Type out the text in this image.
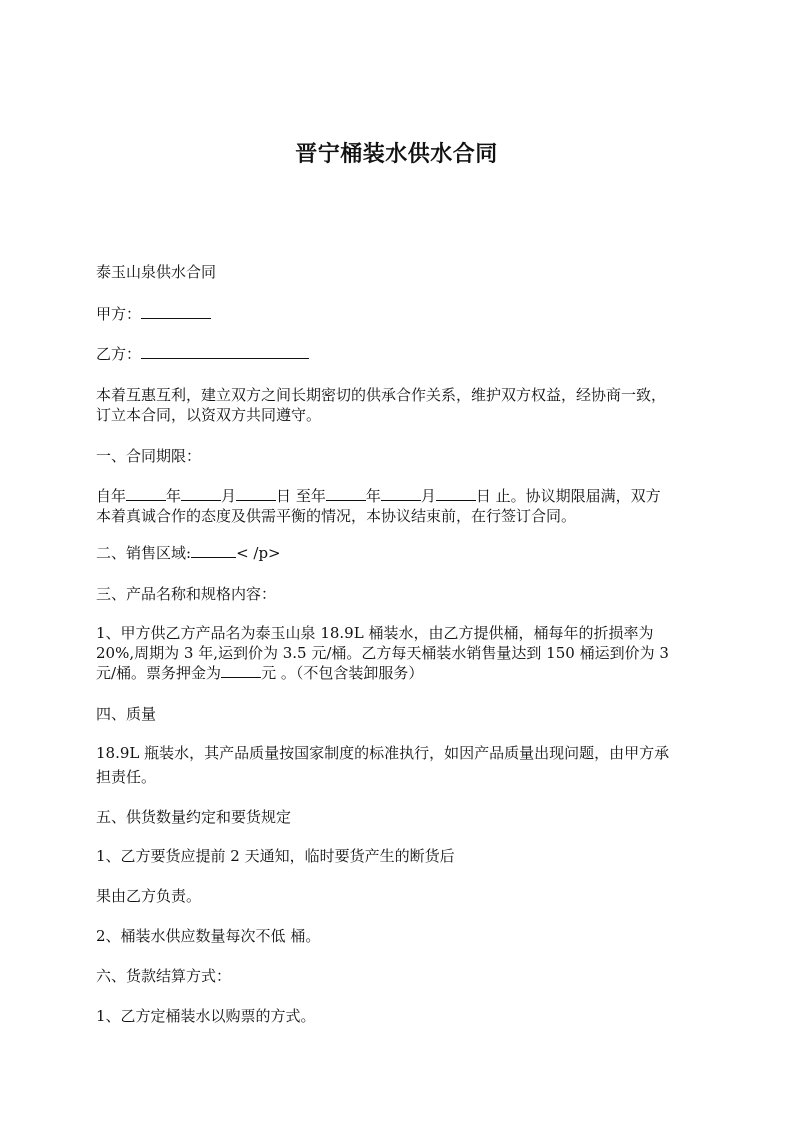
晋宁桶装水供水合同
泰玉山泉供水合同
甲方：
乙方：
本着互惠互利，建立双方之间长期密切的供承合作关系，维护双方权益，经协商一致，
订立本合同，以资双方共同遵守。
一、合同期限：
自年	年	月	日 至年	年	月	日 止。协议期限届满，双方
本着真诚合作的态度及供需平衡的情况，本协议结束前，在行签订合同。
二、销售区域:	< /p>
三、产品名称和规格内容：
1、甲方供乙方产品名为泰玉山泉 18.9L 桶装水，由乙方提供桶，桶每年的折损率为
20%,周期为 3 年,运到价为 3.5 元/桶。乙方每天桶装水销售量达到 150 桶运到价为 3
元/桶。票务押金为	元 。（不包含装卸服务）
四、质量
18.9L 瓶装水，其产品质量按国家制度的标准执行，如因产品质量出现问题，由甲方承
担责任。
五、供货数量约定和要货规定
1、乙方要货应提前 2 天通知，临时要货产生的断货后
果由乙方负责。
2、桶装水供应数量每次不低 桶。
六、货款结算方式：
1、乙方定桶装水以购票的方式。
